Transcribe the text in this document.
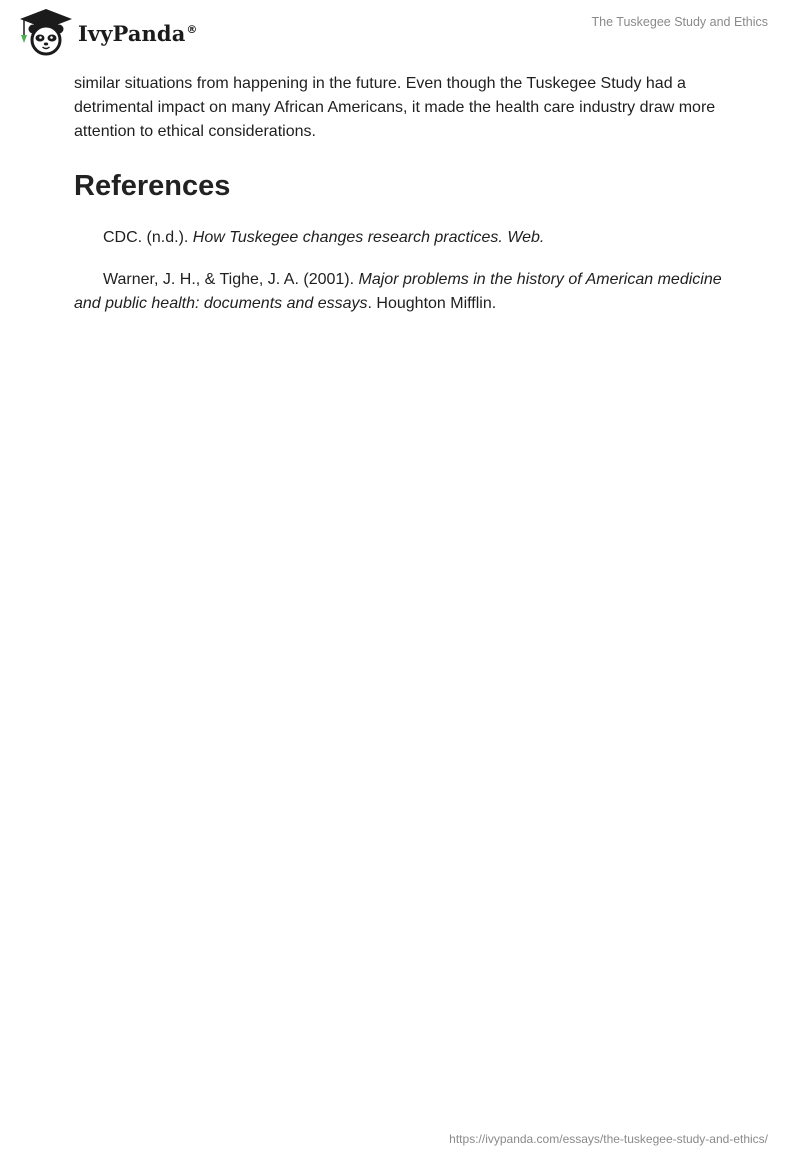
IvyPanda®	The Tuskegee Study and Ethics

similar situations from happening in the future. Even though the Tuskegee Study had a detrimental impact on many African Americans, it made the health care industry draw more attention to ethical considerations.

References

CDC. (n.d.). How Tuskegee changes research practices. Web.

Warner, J. H., & Tighe, J. A. (2001). Major problems in the history of American medicine and public health: documents and essays. Houghton Mifflin.

https://ivypanda.com/essays/the-tuskegee-study-and-ethics/
